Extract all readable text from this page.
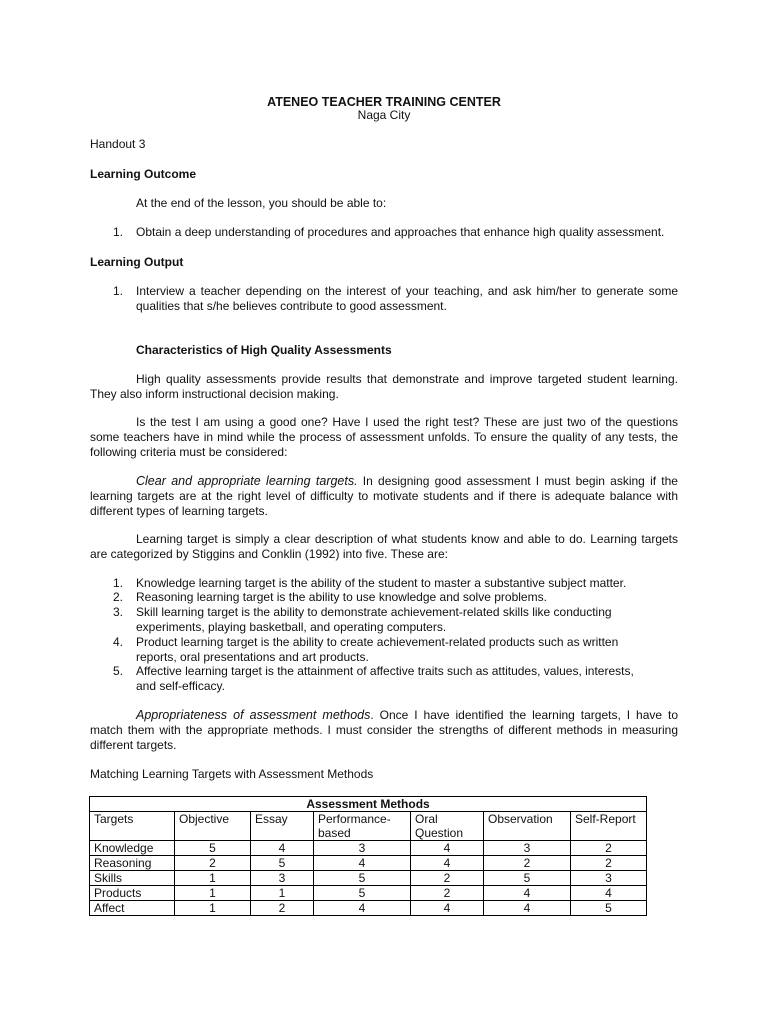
ATENEO TEACHER TRAINING CENTER
Naga City
Handout 3
Learning Outcome
At the end of the lesson, you should be able to:
1. Obtain a deep understanding of procedures and approaches that enhance high quality assessment.
Learning Output
1. Interview a teacher depending on the interest of your teaching, and ask him/her to generate some qualities that s/he believes contribute to good assessment.
Characteristics of High Quality Assessments
High quality assessments provide results that demonstrate and improve targeted student learning. They also inform instructional decision making.
Is the test I am using a good one? Have I used the right test? These are just two of the questions some teachers have in mind while the process of assessment unfolds. To ensure the quality of any tests, the following criteria must be considered:
Clear and appropriate learning targets. In designing good assessment I must begin asking if the learning targets are at the right level of difficulty to motivate students and if there is adequate balance with different types of learning targets.
Learning target is simply a clear description of what students know and able to do. Learning targets are categorized by Stiggins and Conklin (1992) into five. These are:
1. Knowledge learning target is the ability of the student to master a substantive subject matter.
2. Reasoning learning target is the ability to use knowledge and solve problems.
3. Skill learning target is the ability to demonstrate achievement-related skills like conducting experiments, playing basketball, and operating computers.
4. Product learning target is the ability to create achievement-related products such as written reports, oral presentations and art products.
5. Affective learning target is the attainment of affective traits such as attitudes, values, interests, and self-efficacy.
Appropriateness of assessment methods. Once I have identified the learning targets, I have to match them with the appropriate methods. I must consider the strengths of different methods in measuring different targets.
Matching Learning Targets with Assessment Methods
Assessment Methods						
Targets	Objective	Essay	Performance-based	Oral Question	Observation	Self-Report
Knowledge	5	4	3	4	3	2
Reasoning	2	5	4	4	2	2
Skills	1	3	5	2	5	3
Products	1	1	5	2	4	4
Affect	1	2	4	4	4	5
